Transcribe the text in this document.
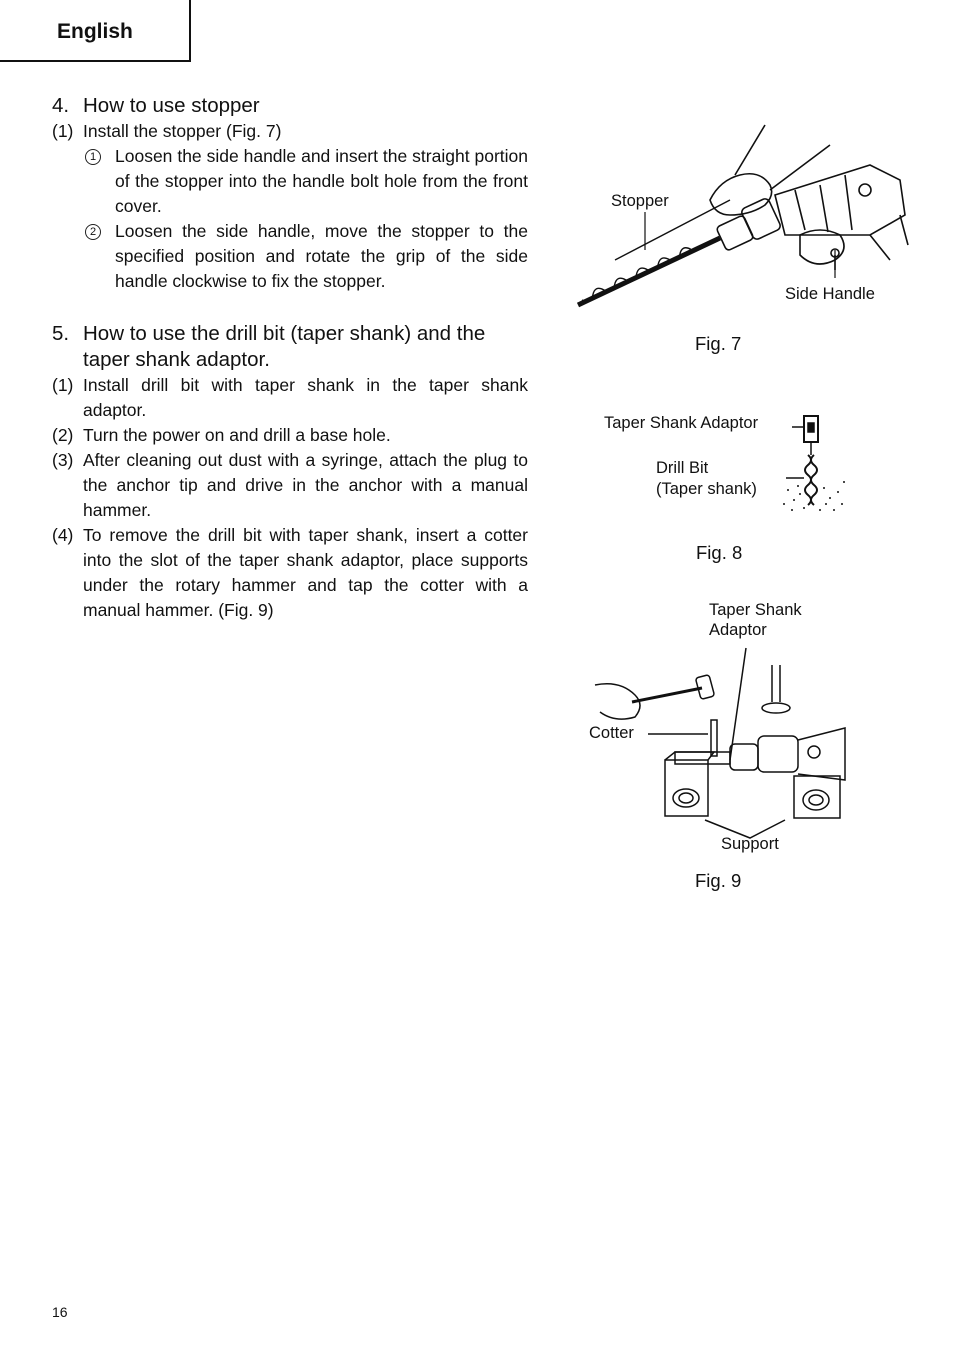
English
4. How to use stopper
(1) Install the stopper (Fig. 7)
1 Loosen the side handle and insert the straight portion of the stopper into the handle bolt hole from the front cover.
2 Loosen the side handle, move the stopper to the specified position and rotate the grip of the side handle clockwise to fix the stopper.
5. How to use the drill bit (taper shank) and the taper shank adaptor.
(1) Install drill bit with taper shank in the taper shank adaptor.
(2) Turn the power on and drill a base hole.
(3) After cleaning out dust with a syringe, attach the plug to the anchor tip and drive in the anchor with a manual hammer.
(4) To remove the drill bit with taper shank, insert a cotter into the slot of the taper shank adaptor, place supports under the rotary hammer and tap the cotter with a manual hammer. (Fig. 9)
Stopper
Side Handle
Fig. 7
Taper Shank Adaptor
Drill Bit
(Taper shank)
Fig. 8
Taper Shank
Adaptor
Cotter
Support
Fig. 9
16
